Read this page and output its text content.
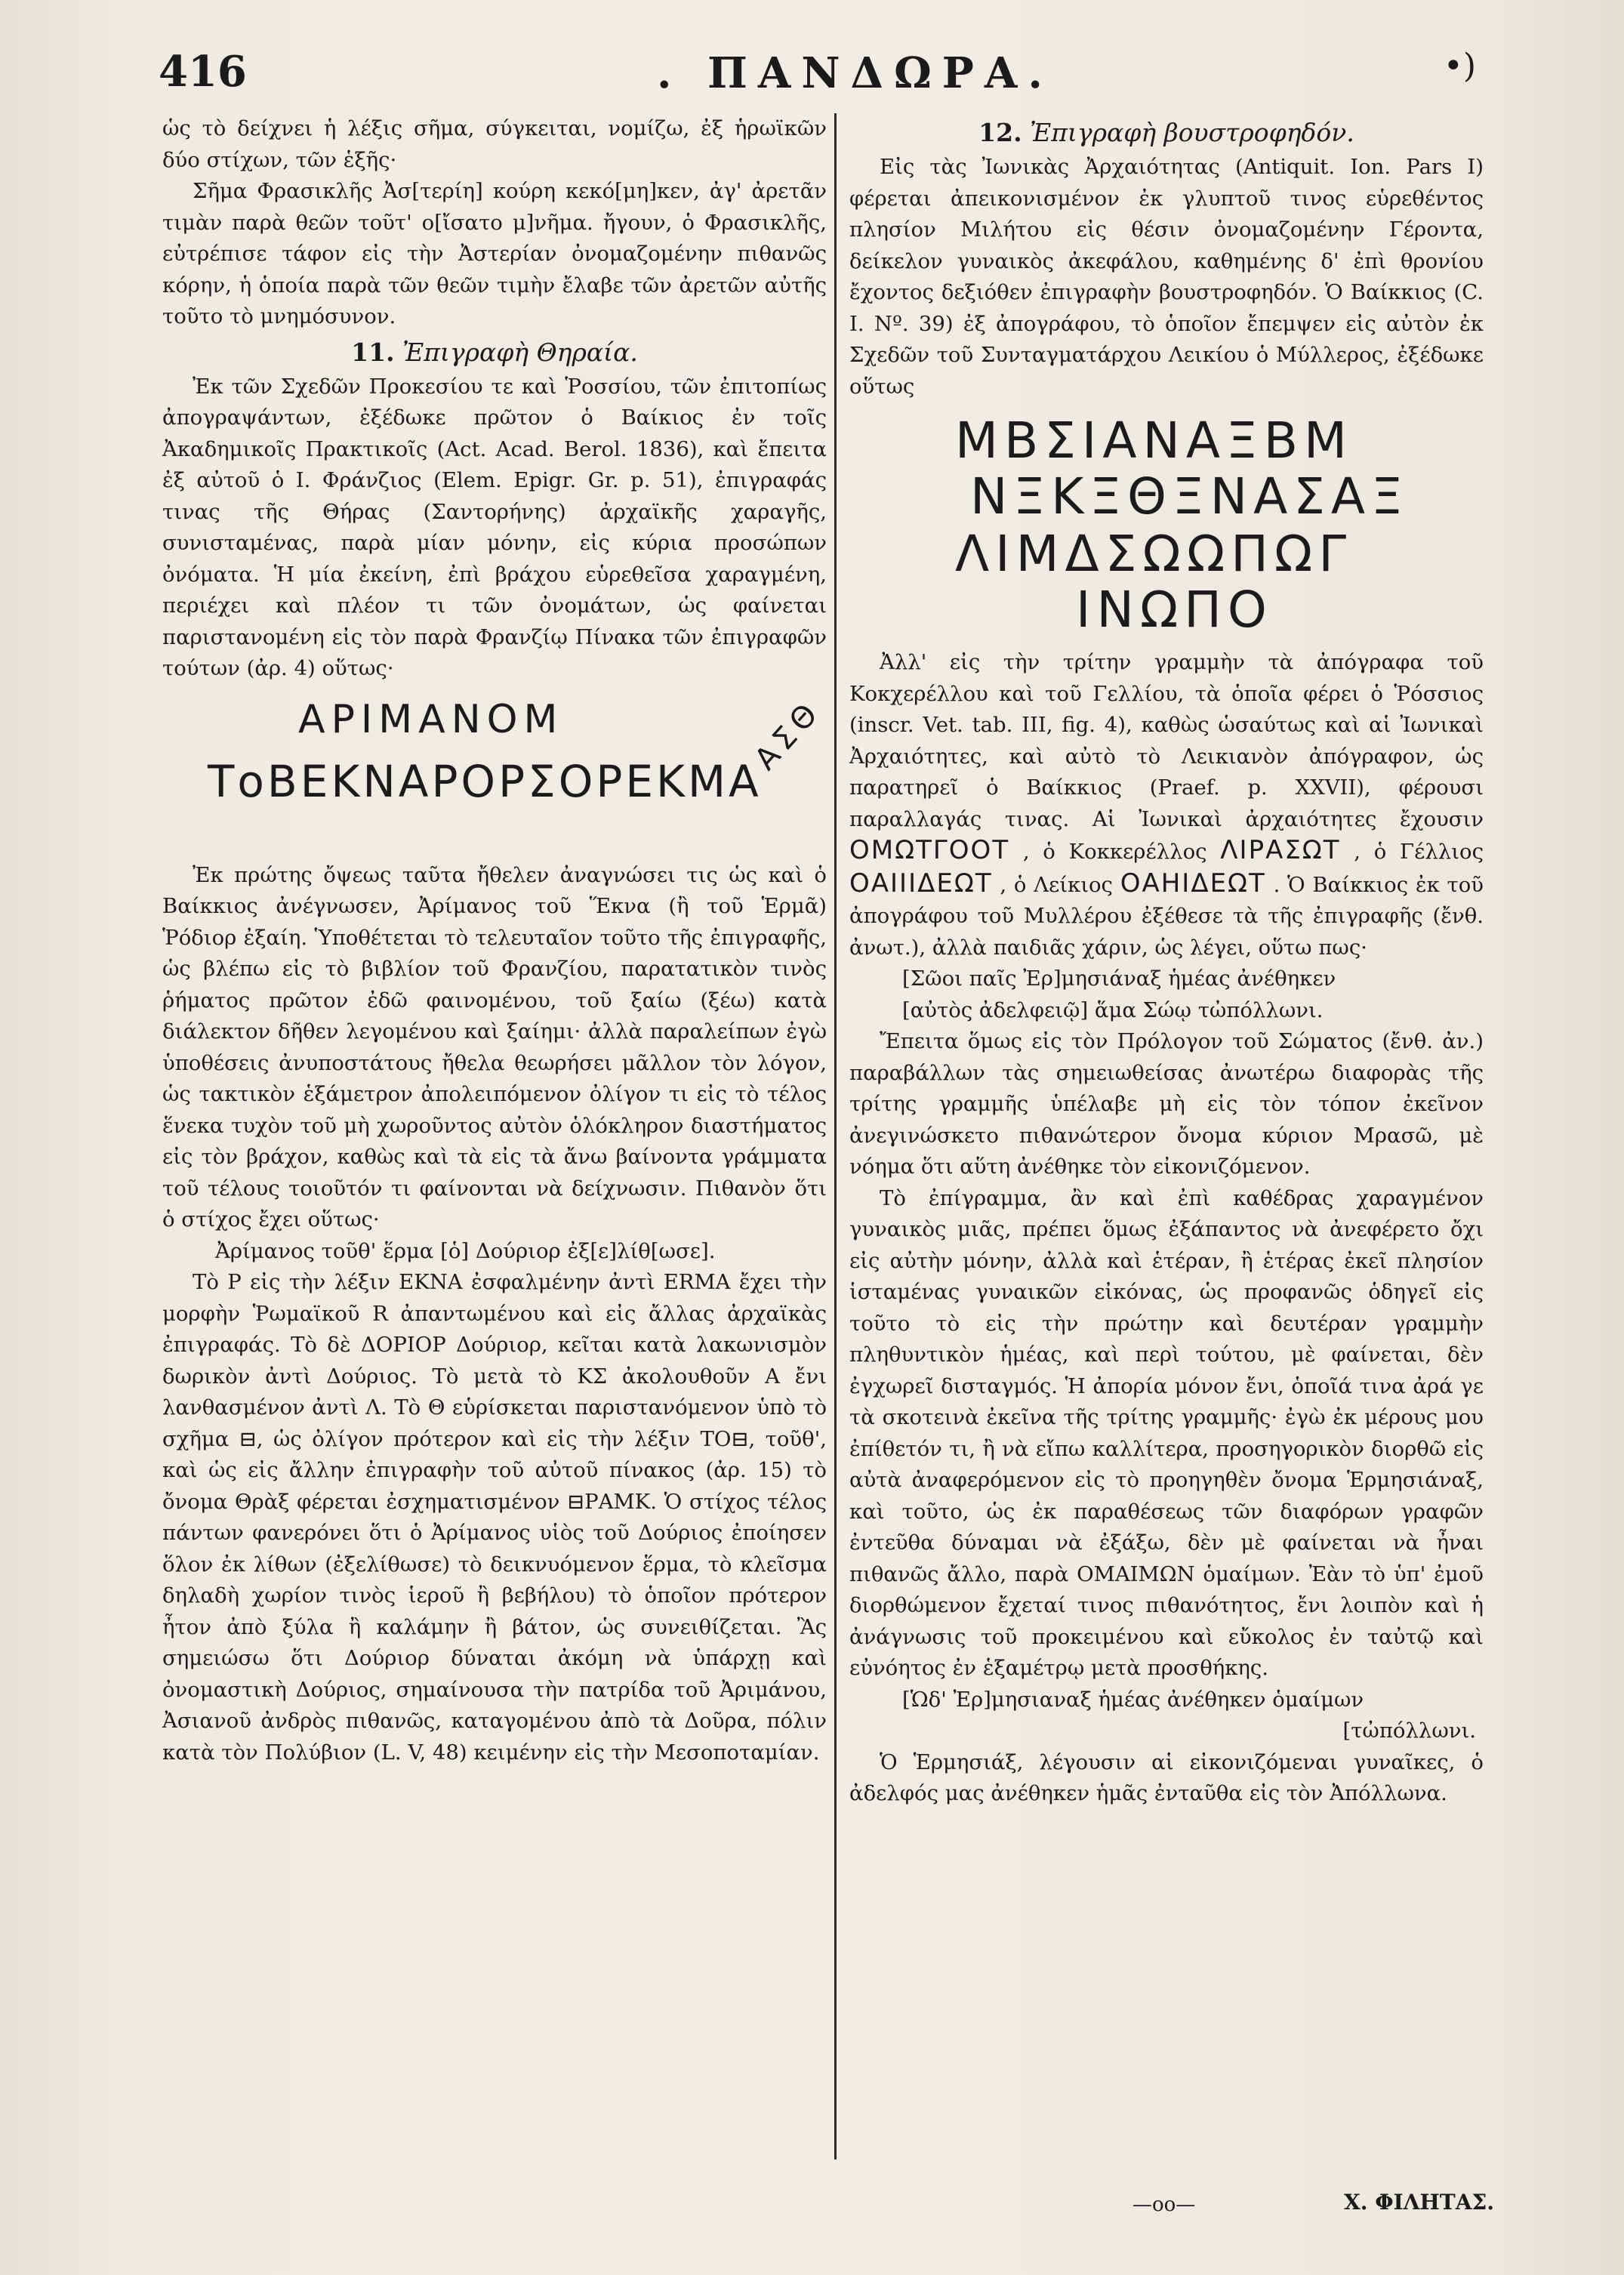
416	. ΠΑΝΔΩΡΑ.	•)

ὡς τὸ δείχνει ἡ λέξις σῆμα, σύγκειται, νομίζω, ἐξ ἡρωϊκῶν δύο στίχων, τῶν ἑξῆς·

Σῆμα Φρασικλῆς Ἀσ[τερίη] κούρη κεκό[μη]κεν, ἀγ' ἀρετᾶν τιμὰν παρὰ θεῶν τοῦτ' ο[ἴσατο μ]νῆμα. ἤγουν, ὁ Φρασικλῆς, εὐτρέπισε τάφον εἰς τὴν Ἀστερίαν ὀνομαζομένην πιθανῶς κόρην, ἡ ὁποία παρὰ τῶν θεῶν τιμὴν ἔλαβε τῶν ἀρετῶν αὐτῆς τοῦτο τὸ μνημόσυνον.

11. Ἐπιγραφὴ Θηραία.

Ἐκ τῶν Σχεδῶν Προκεσίου τε καὶ Ῥοσσίου, τῶν ἐπιτοπίως ἀπογραψάντων, ἐξέδωκε πρῶτον ὁ Βαίκιος ἐν τοῖς Ἀκαδημικοῖς Πρακτικοῖς (Act. Acad. Berol. 1836), καὶ ἔπειτα ἐξ αὐτοῦ ὁ Ι. Φράνζιος (Elem. Epigr. Gr. p. 51), ἐπιγραφάς τινας τῆς Θήρας (Σαντορήνης) ἀρχαϊκῆς χαραγῆς, συνισταμένας, παρὰ μίαν μόνην, εἰς κύρια προσώπων ὀνόματα. Ἡ μία ἐκείνη, ἐπὶ βράχου εὑρεθεῖσα χαραγμένη, περιέχει καὶ πλέον τι τῶν ὀνομάτων, ὡς φαίνεται παριστανομένη εἰς τὸν παρὰ Φρανζίῳ Πίνακα τῶν ἐπιγραφῶν τούτων (ἀρ. 4) οὕτως·

ΑΡΙΜΑΝΟΜ
ΤοΒΕΚΝΑΡΟΡΣΟΡΕΚΜΑ
ΑΣΘ

Ἐκ πρώτης ὄψεως ταῦτα ἤθελεν ἀναγνώσει τις ὡς καὶ ὁ Βαίκκιος ἀνέγνωσεν, Ἀρίμανος τοῦ Ἕκνα (ἢ τοῦ Ἑρμᾶ) Ῥόδιορ ἐξαίη. Ὑποθέτεται τὸ τελευταῖον τοῦτο τῆς ἐπιγραφῆς, ὡς βλέπω εἰς τὸ βιβλίον τοῦ Φρανζίου, παρατατικὸν τινὸς ῥήματος πρῶτον ἐδῶ φαινομένου, τοῦ ξαίω (ξέω) κατὰ διάλεκτον δῆθεν λεγομένου καὶ ξαίημι· ἀλλὰ παραλείπων ἐγὼ ὑποθέσεις ἀνυποστάτους ἤθελα θεωρήσει μᾶλλον τὸν λόγον, ὡς τακτικὸν ἑξάμετρον ἀπολειπόμενον ὀλίγον τι εἰς τὸ τέλος ἕνεκα τυχὸν τοῦ μὴ χωροῦντος αὐτὸν ὁλόκληρον διαστήματος εἰς τὸν βράχον, καθὼς καὶ τὰ εἰς τὰ ἄνω βαίνοντα γράμματα τοῦ τέλους τοιοῦτόν τι φαίνονται νὰ δείχνωσιν. Πιθανὸν ὅτι ὁ στίχος ἔχει οὕτως·

Ἀρίμανος τοῦθ' ἕρμα [ὁ] Δούριορ ἐξ[ε]λίθ[ωσε].

Τὸ Ρ εἰς τὴν λέξιν ΕΚΝΑ ἐσφαλμένην ἀντὶ ERMA ἔχει τὴν μορφὴν Ῥωμαϊκοῦ R ἀπαντωμένου καὶ εἰς ἄλλας ἀρχαϊκὰς ἐπιγραφάς. Τὸ δὲ ΔΟΡΙΟΡ Δούριορ, κεῖται κατὰ λακωνισμὸν δωρικὸν ἀντὶ Δούριος. Τὸ μετὰ τὸ ΚΣ ἀκολουθοῦν Α ἔνι λανθασμένον ἀντὶ Λ. Τὸ Θ εὑρίσκεται παριστανόμενον ὑπὸ τὸ σχῆμα ⊟, ὡς ὀλίγον πρότερον καὶ εἰς τὴν λέξιν ΤΟ⊟, τοῦθ', καὶ ὡς εἰς ἄλλην ἐπιγραφὴν τοῦ αὐτοῦ πίνακος (ἀρ. 15) τὸ ὄνομα Θρὰξ φέρεται ἐσχηματισμένον ⊟ΡΑΜΚ. Ὁ στίχος τέλος πάντων φανερόνει ὅτι ὁ Ἀρίμανος υἱὸς τοῦ Δούριος ἐποίησεν ὅλον ἐκ λίθων (ἐξελίθωσε) τὸ δεικνυόμενον ἕρμα, τὸ κλεῖσμα δηλαδὴ χωρίον τινὸς ἱεροῦ ἢ βεβήλου) τὸ ὁποῖον πρότερον ἦτον ἀπὸ ξύλα ἢ καλάμην ἢ βάτον, ὡς συνειθίζεται. Ἂς σημειώσω ὅτι Δούριορ δύναται ἀκόμη νὰ ὑπάρχῃ καὶ ὀνομαστικὴ Δούριος, σημαίνουσα τὴν πατρίδα τοῦ Ἀριμάνου, Ἀσιανοῦ ἀνδρὸς πιθανῶς, καταγομένου ἀπὸ τὰ Δοῦρα, πόλιν κατὰ τὸν Πολύβιον (L. V, 48) κειμένην εἰς τὴν Μεσοποταμίαν.

12. Ἐπιγραφὴ βουστροφηδόν.

Εἰς τὰς Ἰωνικὰς Ἀρχαιότητας (Antiquit. Ion. Pars I) φέρεται ἀπεικονισμένον ἐκ γλυπτοῦ τινος εὑρεθέντος πλησίον Μιλήτου εἰς θέσιν ὀνομαζομένην Γέροντα, δείκελον γυναικὸς ἀκεφάλου, καθημένης δ' ἐπὶ θρονίου ἔχοντος δεξιόθεν ἐπιγραφὴν βουστροφηδόν. Ὁ Βαίκκιος (C. I. Nº. 39) ἐξ ἀπογράφου, τὸ ὁποῖον ἔπεμψεν εἰς αὐτὸν ἐκ Σχεδῶν τοῦ Συνταγματάρχου Λεικίου ὁ Μύλλερος, ἐξέδωκε οὕτως

ΜΒΣΙΑΝΑΞΒΜ
ΝΞΚΞΘΞΝΑΣΑΞ
ΛΙΜΔΣΩΩΠΩΓ
ΙΝΩΠΟ

Ἀλλ' εἰς τὴν τρίτην γραμμὴν τὰ ἀπόγραφα τοῦ Κοκχερέλλου καὶ τοῦ Γελλίου, τὰ ὁποῖα φέρει ὁ Ῥόσσιος (inscr. Vet. tab. III, fig. 4), καθὼς ὡσαύτως καὶ αἱ Ἰωνικαὶ Ἀρχαιότητες, καὶ αὐτὸ τὸ Λεικιανὸν ἀπόγραφον, ὡς παρατηρεῖ ὁ Βαίκκιος (Praef. p. XXVII), φέρουσι παραλλαγάς τινας. Αἱ Ἰωνικαὶ ἀρχαιότητες ἔχουσιν ΟΜΩΤΓΟΟΤ , ὁ Κοκκερέλλος ΛΙΡΑΣΩΤ , ὁ Γέλλιος ΟΑΙΙΙΔΕΩΤ , ὁ Λείκιος ΟΑΗΙΔΕΩΤ . Ὁ Βαίκκιος ἐκ τοῦ ἀπογράφου τοῦ Μυλλέρου ἐξέθεσε τὰ τῆς ἐπιγραφῆς (ἔνθ. ἀνωτ.), ἀλλὰ παιδιᾶς χάριν, ὡς λέγει, οὕτω πως·

[Σῶοι παῖς Ἐρ]μησιάναξ ἡμέας ἀνέθηκεν

[αὐτὸς ἀδελφειῷ] ἅμα Σώῳ τὠπόλλωνι.

Ἔπειτα ὅμως εἰς τὸν Πρόλογον τοῦ Σώματος (ἔνθ. ἀν.) παραβάλλων τὰς σημειωθείσας ἀνωτέρω διαφορὰς τῆς τρίτης γραμμῆς ὑπέλαβε μὴ εἰς τὸν τόπον ἐκεῖνον ἀνεγινώσκετο πιθανώτερον ὄνομα κύριον Μρασῶ, μὲ νόημα ὅτι αὕτη ἀνέθηκε τὸν εἰκονιζόμενον.

Τὸ ἐπίγραμμα, ἂν καὶ ἐπὶ καθέδρας χαραγμένον γυναικὸς μιᾶς, πρέπει ὅμως ἐξάπαντος νὰ ἀνεφέρετο ὄχι εἰς αὐτὴν μόνην, ἀλλὰ καὶ ἑτέραν, ἢ ἑτέρας ἐκεῖ πλησίον ἱσταμένας γυναικῶν εἰκόνας, ὡς προφανῶς ὁδηγεῖ εἰς τοῦτο τὸ εἰς τὴν πρώτην καὶ δευτέραν γραμμὴν πληθυντικὸν ἡμέας, καὶ περὶ τούτου, μὲ φαίνεται, δὲν ἐγχωρεῖ δισταγμός. Ἡ ἀπορία μόνον ἔνι, ὁποῖά τινα ἀρά γε τὰ σκοτεινὰ ἐκεῖνα τῆς τρίτης γραμμῆς· ἐγὼ ἐκ μέρους μου ἐπίθετόν τι, ἢ νὰ εἴπω καλλίτερα, προσηγορικὸν διορθῶ εἰς αὐτὰ ἀναφερόμενον εἰς τὸ προηγηθὲν ὄνομα Ἑρμησιάναξ, καὶ τοῦτο, ὡς ἐκ παραθέσεως τῶν διαφόρων γραφῶν ἐντεῦθα δύναμαι νὰ ἐξάξω, δὲν μὲ φαίνεται νὰ ἦναι πιθανῶς ἄλλο, παρὰ ΟΜΑΙΜΩΝ ὁμαίμων. Ἐὰν τὸ ὑπ' ἐμοῦ διορθώμενον ἔχεταί τινος πιθανότητος, ἔνι λοιπὸν καὶ ἡ ἀνάγνωσις τοῦ προκειμένου καὶ εὔκολος ἐν ταὐτῷ καὶ εὐνόητος ἐν ἑξαμέτρῳ μετὰ προσθήκης.

[Ὡδ' Ἐρ]μησιαναξ ἡμέας ἀνέθηκεν ὁμαίμων

[τὠπόλλωνι.

Ὁ Ἑρμησιάξ, λέγουσιν αἱ εἰκονιζόμεναι γυναῖκες, ὁ ἀδελφός μας ἀνέθηκεν ἡμᾶς ἐνταῦθα εἰς τὸν Ἀπόλλωνα.

—oo—	Χ. ΦΙΛΗΤΑΣ.
